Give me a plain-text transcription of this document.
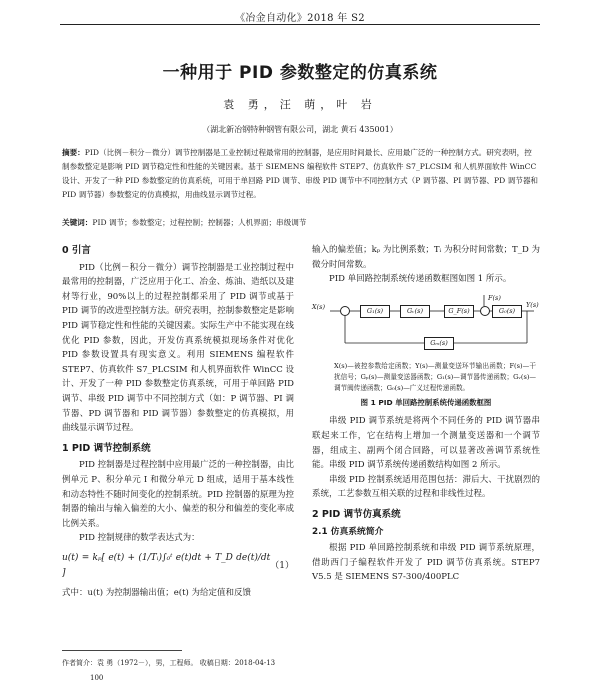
《冶金自动化》2018 年 S2
一种用于 PID 参数整定的仿真系统
袁 勇，汪 萌，叶 岩
（湖北新冶钢特种钢管有限公司，湖北 黄石 435001）
摘要：PID（比例－积分－微分）调节控制器是工业控制过程最常用的控制器，是应用时间最长、应用最广泛的一种控制方式。研究表明，控制参数整定是影响 PID 调节稳定性和性能的关键因素。基于 SIEMENS 编程软件 STEP7、仿真软件 S7_PLCSIM 和人机界面软件 WinCC 设计、开发了一种 PID 参数整定的仿真系统，可用于单回路 PID 调节、串级 PID 调节中不同控制方式（P 调节器、PI 调节器、PD 调节器和 PID 调节器）参数整定的仿真模拟，用曲线显示调节过程。
关键词：PID 调节；参数整定；过程控制；控制器；人机界面；串级调节
0 引言

PID（比例－积分－微分）调节控制器是工业控制过程中最常用的控制器，广泛应用于化工、冶金、炼油、造纸以及建材等行业，90%以上的过程控制都采用了 PID 调节或基于 PID 调节的改进型控制方法。研究表明，控制参数整定是影响 PID 调节稳定性和性能的关键因素。实际生产中不能实现在线优化 PID 参数，因此，开发仿真系统模拟现场条件对优化 PID 参数设置具有现实意义。利用 SIEMENS 编程软件 STEP7、仿真软件 S7_PLCSIM 和人机界面软件 WinCC 设计、开发了一种 PID 参数整定仿真系统，可用于单回路 PID 调节、串级 PID 调节中不同控制方式（如：P 调节器、PI 调节器、PD 调节器和 PID 调节器）参数整定的仿真模拟，用曲线显示调节过程。

1 PID 调节控制系统

PID 控制器是过程控制中应用最广泛的一种控制器，由比例单元 P、积分单元 I 和微分单元 D 组成，适用于基本线性和动态特性不随时间变化的控制系统。PID 控制器的原理为控制器的输出与输入偏差的大小、偏差的积分和偏差的变化率成比例关系。

PID 控制规律的数学表达式为：

u(t) = kₚ[ e(t) + (1/Tᵢ)∫₀ᵗ e(t)dt + T_D de(t)/dt ]
（1）

式中：u(t) 为控制器输出值；e(t) 为给定值和反馈

输入的偏差值；kₚ 为比例系数；Tᵢ 为积分时间常数；T_D 为微分时间常数。

PID 单回路控制系统传递函数框图如图 1 所示。

X(s)	G₁(s)	Gᵥ(s)	G_F(s)	G₀(s)
Gₘ(s)
F(s)
Y(s)

X(s)—被控参数给定函数；Y(s)—测量变送环节输出函数；F(s)—干扰信号；Gₚ(s)—测量变送器函数；G₁(s)—调节器传递函数；Gᵥ(s)—调节阀传递函数；G₀(s)—广义过程传递函数。

图 1 PID 单回路控制系统传递函数框图

串级 PID 调节系统是将两个不同任务的 PID 调节器串联起来工作，它在结构上增加一个测量变送器和一个调节器，组成主、副两个闭合回路，可以显著改善调节系统性能。串级 PID 调节系统传递函数结构如图 2 所示。

串级 PID 控制系统适用范围包括：滞后大、干扰剧烈的系统，工艺参数互相关联的过程和非线性过程。

2 PID 调节仿真系统
2.1 仿真系统简介

根据 PID 单回路控制系统和串级 PID 调节系统原理，借助西门子编程软件开发了 PID 调节仿真系统。STEP7 V5.5 是 SIEMENS S7-300/400PLC

作者简介：袁 勇（1972－），男，工程师。 收稿日期：2018-04-13
100
